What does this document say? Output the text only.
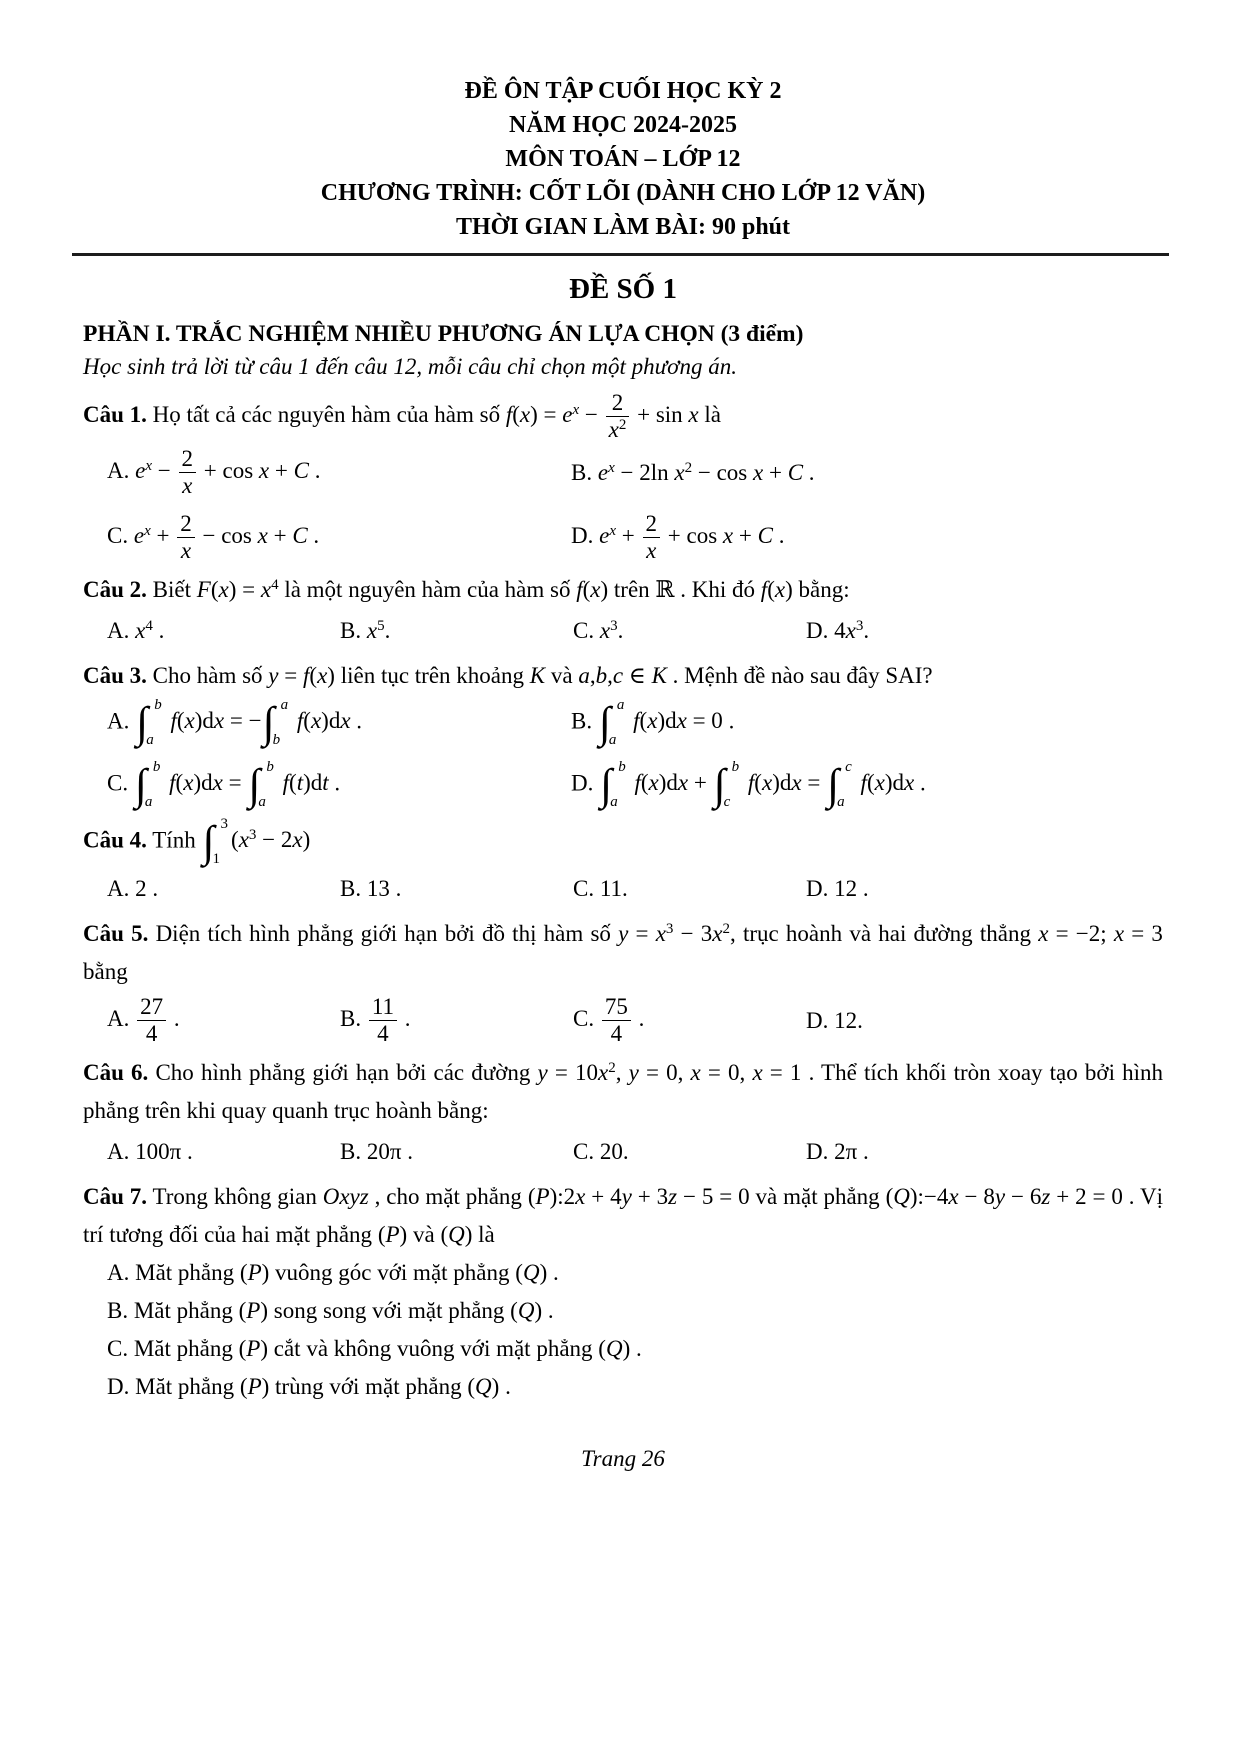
ĐỀ ÔN TẬP CUỐI HỌC KỲ 2
NĂM HỌC 2024-2025
MÔN TOÁN – LỚP 12
CHƯƠNG TRÌNH: CỐT LÕI (DÀNH CHO LỚP 12 VĂN)
THỜI GIAN LÀM BÀI: 90 phút
ĐỀ SỐ 1
PHẦN I. TRẮC NGHIỆM NHIỀU PHƯƠNG ÁN LỰA CHỌN (3 điểm)
Học sinh trả lời từ câu 1 đến câu 12, mỗi câu chỉ chọn một phương án.

Câu 1. Họ tất cả các nguyên hàm của hàm số $f(x) = e^x - \frac{2}{x^2} + \sin x$ là

A. $e^x - \frac{2}{x} + \cos x + C$ .	B. $e^x - 2\ln$ $x^2 - \cos x + C$ .
C. $e^x + \frac{2}{x} - \cos x + C$ .	D. $e^x + \frac{2}{x} + \cos x + C$ .

Câu 2. Biết $F(x) = x^4$ là một nguyên hàm của hàm số f(x) trên ℝ . Khi đó f(x) bằng:

A. $x^4$ .	B. $x^5$.	C. $x^3$.	D. $4x^3$.

Câu 3. Cho hàm số y = f(x) liên tục trên khoảng K và a,b,c ∈ K . Mệnh đề nào sau đây SAI?

A. ∫ b
a
f(x)dx = − ∫ a
b
f(x)dx .	B. ∫ a
a
f(x)dx = 0 .
C. ∫ b
a
f(x)dx = ∫ b
a
f(t)dt .	D. ∫ b
a
f(x)dx + ∫ b
c
f(x)dx = ∫ c
a
f(x)dx .

Câu 4. Tính ∫ 3
1
$(x^3 - 2x)$

A. 2 .	B. 13 .	C. 11.	D. 12 .

Câu 5. Diện tích hình phẳng giới hạn bởi đồ thị hàm số $y = x^3 - 3x^2$, trục hoành và hai đường thẳng x = −2; x = 3 bằng

A. $\frac{27}{4}$ .	B. $\frac{11}{4}$ .	C. $\frac{75}{4}$ .	D. 12.

Câu 6. Cho hình phẳng giới hạn bởi các đường $y = 10x^2$, y = 0, x = 0, x = 1 . Thể tích khối tròn xoay tạo bởi hình phẳng trên khi quay quanh trục hoành bằng:

A. 100π .	B. 20π .	C. 20.	D. 2π .

Câu 7. Trong không gian Oxyz , cho mặt phẳng (P):2x + 4y + 3z − 5 = 0 và mặt phẳng (Q):−4x − 8y − 6z + 2 = 0 . Vị trí tương đối của hai mặt phẳng (P) và (Q) là

A. Măt phẳng (P) vuông góc với mặt phẳng (Q) .

B. Măt phẳng (P) song song với mặt phẳng (Q) .

C. Măt phẳng (P) cắt và không vuông với mặt phẳng (Q) .

D. Măt phẳng (P) trùng với mặt phẳng (Q) .

Trang 26
